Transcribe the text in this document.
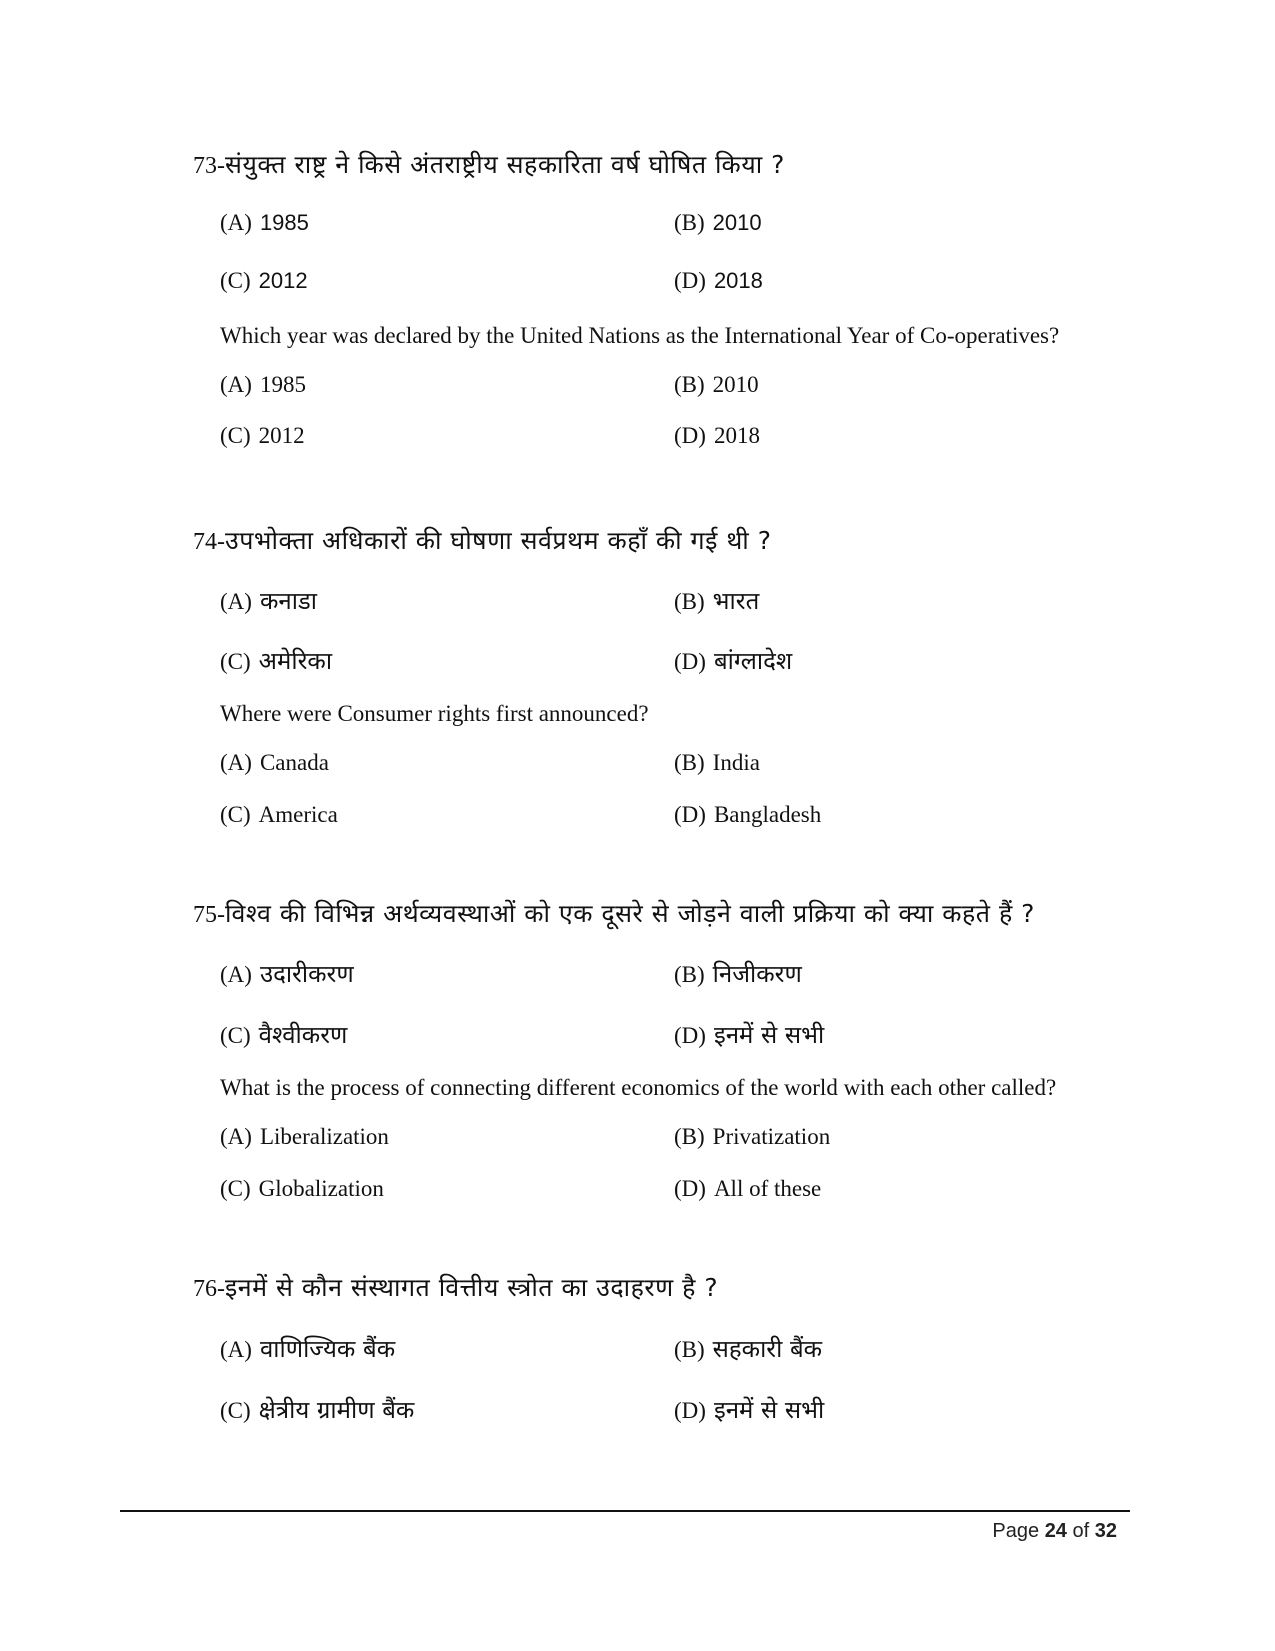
73-संयुक्त राष्ट्र ने किसे अंतराष्ट्रीय सहकारिता वर्ष घोषित किया ?
(A) 1985	(B) 2010
(C) 2012	(D) 2018
Which year was declared by the United Nations as the International Year of Co-operatives?
(A) 1985	(B) 2010
(C) 2012	(D) 2018
74-उपभोक्ता अधिकारों की घोषणा सर्वप्रथम कहाँ की गई थी ?
(A) कनाडा	(B) भारत
(C) अमेरिका	(D) बांग्लादेश
Where were Consumer rights first announced?
(A) Canada	(B) India
(C) America	(D) Bangladesh
75-विश्व की विभिन्न अर्थव्यवस्थाओं को एक दूसरे से जोड़ने वाली प्रक्रिया को क्या कहते हैं ?
(A) उदारीकरण	(B) निजीकरण
(C) वैश्वीकरण	(D) इनमें से सभी
What is the process of connecting different economics of the world with each other called?
(A) Liberalization	(B) Privatization
(C) Globalization	(D) All of these
76-इनमें से कौन संस्थागत वित्तीय स्त्रोत का उदाहरण है ?
(A) वाणिज्यिक बैंक	(B) सहकारी बैंक
(C) क्षेत्रीय ग्रामीण बैंक	(D) इनमें से सभी
Page 24 of 32
